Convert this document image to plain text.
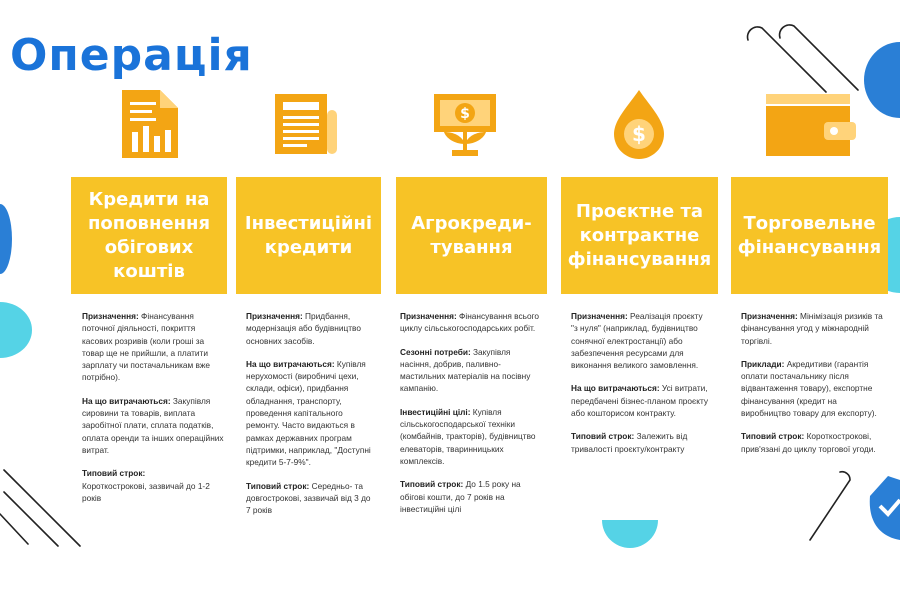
Операція
$
$
Кредити на
поповнення
обігових
коштів

Призначення: Фінансування поточної діяльності, покриття касових розривів (коли гроші за товар ще не прийшли, а платити зарплату чи постачальникам вже потрібно).

На що витрачаються: Закупівля сировини та товарів, виплата заробітної плати, сплата податків, оплата оренди та інших операційних витрат.

Типовий строк:
Короткострокові, зазвичай до 1-2 років

Інвестиційні
кредити

Призначення: Придбання, модернізація або будівництво основних засобів.

На що витрачаються: Купівля нерухомості (виробничі цехи, склади, офіси), придбання обладнання, транспорту, проведення капітального ремонту. Часто видаються в рамках державних програм підтримки, наприклад, "Доступні кредити 5-7-9%".

Типовий строк: Середньо- та довгострокові, зазвичай від 3 до 7 років

Агрокреди-
тування

Призначення: Фінансування всього циклу сільськогосподарських робіт.

Сезонні потреби: Закупівля насіння, добрив, паливно-мастильних матеріалів на посівну кампанію.

Інвестиційні цілі: Купівля сільськогосподарської техніки (комбайнів, тракторів), будівництво елеваторів, тваринницьких комплексів.

Типовий строк: До 1.5 року на обігові кошти, до 7 років на інвестиційні цілі

Проєктне та
контрактне
фінансування

Призначення: Реалізація проєкту "з нуля" (наприклад, будівництво сонячної електростанції) або забезпечення ресурсами для виконання великого замовлення.

На що витрачаються: Усі витрати, передбачені бізнес-планом проєкту або кошторисом контракту.

Типовий строк: Залежить від тривалості проєкту/контракту

Торговельне
фінансування

Призначення: Мінімізація ризиків та фінансування угод у міжнародній торгівлі.

Приклади: Акредитиви (гарантія оплати постачальнику після відвантаження товару), експортне фінансування (кредит на виробництво товару для експорту).

Типовий строк: Короткострокові, прив'язані до циклу торгової угоди.
